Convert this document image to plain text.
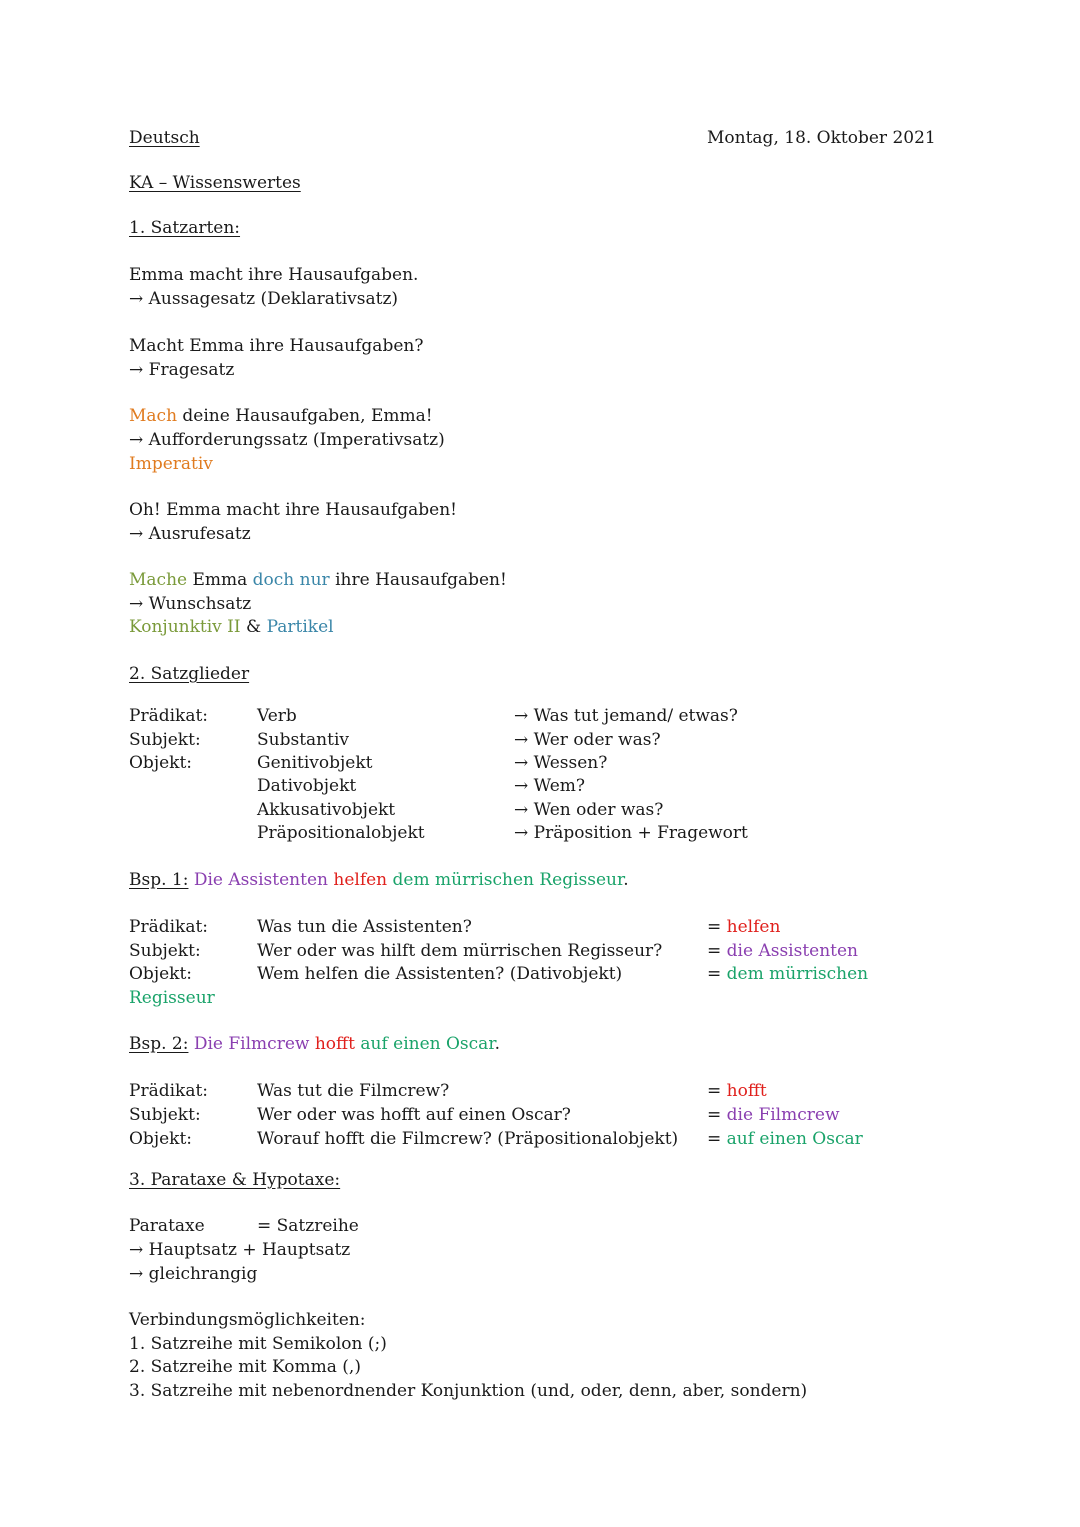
Deutsch	Montag, 18. Oktober 2021
KA – Wissenswertes
1. Satzarten:
Emma macht ihre Hausaufgaben.
→ Aussagesatz (Deklarativsatz)
Macht Emma ihre Hausaufgaben?
→ Fragesatz
Mach deine Hausaufgaben, Emma!
→ Aufforderungssatz (Imperativsatz)
Imperativ
Oh! Emma macht ihre Hausaufgaben!
→ Ausrufesatz
Mache Emma doch nur ihre Hausaufgaben!
→ Wunschsatz
Konjunktiv II & Partikel
2. Satzglieder
Prädikat:	Verb	→ Was tut jemand/ etwas?
Subjekt:	Substantiv	→ Wer oder was?
Objekt:	Genitivobjekt	→ Wessen?
Dativobjekt	→ Wem?
Akkusativobjekt	→ Wen oder was?
Präpositionalobjekt	→ Präposition + Fragewort
Bsp. 1: Die Assistenten helfen dem mürrischen Regisseur.
Prädikat:	Was tun die Assistenten?	= helfen
Subjekt:	Wer oder was hilft dem mürrischen Regisseur?	= die Assistenten
Objekt:	Wem helfen die Assistenten? (Dativobjekt)	= dem mürrischen
Regisseur
Bsp. 2: Die Filmcrew hofft auf einen Oscar.
Prädikat:	Was tut die Filmcrew?	= hofft
Subjekt:	Wer oder was hofft auf einen Oscar?	= die Filmcrew
Objekt:	Worauf hofft die Filmcrew? (Präpositionalobjekt) = auf einen Oscar
3. Parataxe & Hypotaxe:
Parataxe	= Satzreihe
→ Hauptsatz + Hauptsatz
→ gleichrangig
Verbindungsmöglichkeiten:
1. Satzreihe mit Semikolon (;)
2. Satzreihe mit Komma (,)
3. Satzreihe mit nebenordnender Konjunktion (und, oder, denn, aber, sondern)
